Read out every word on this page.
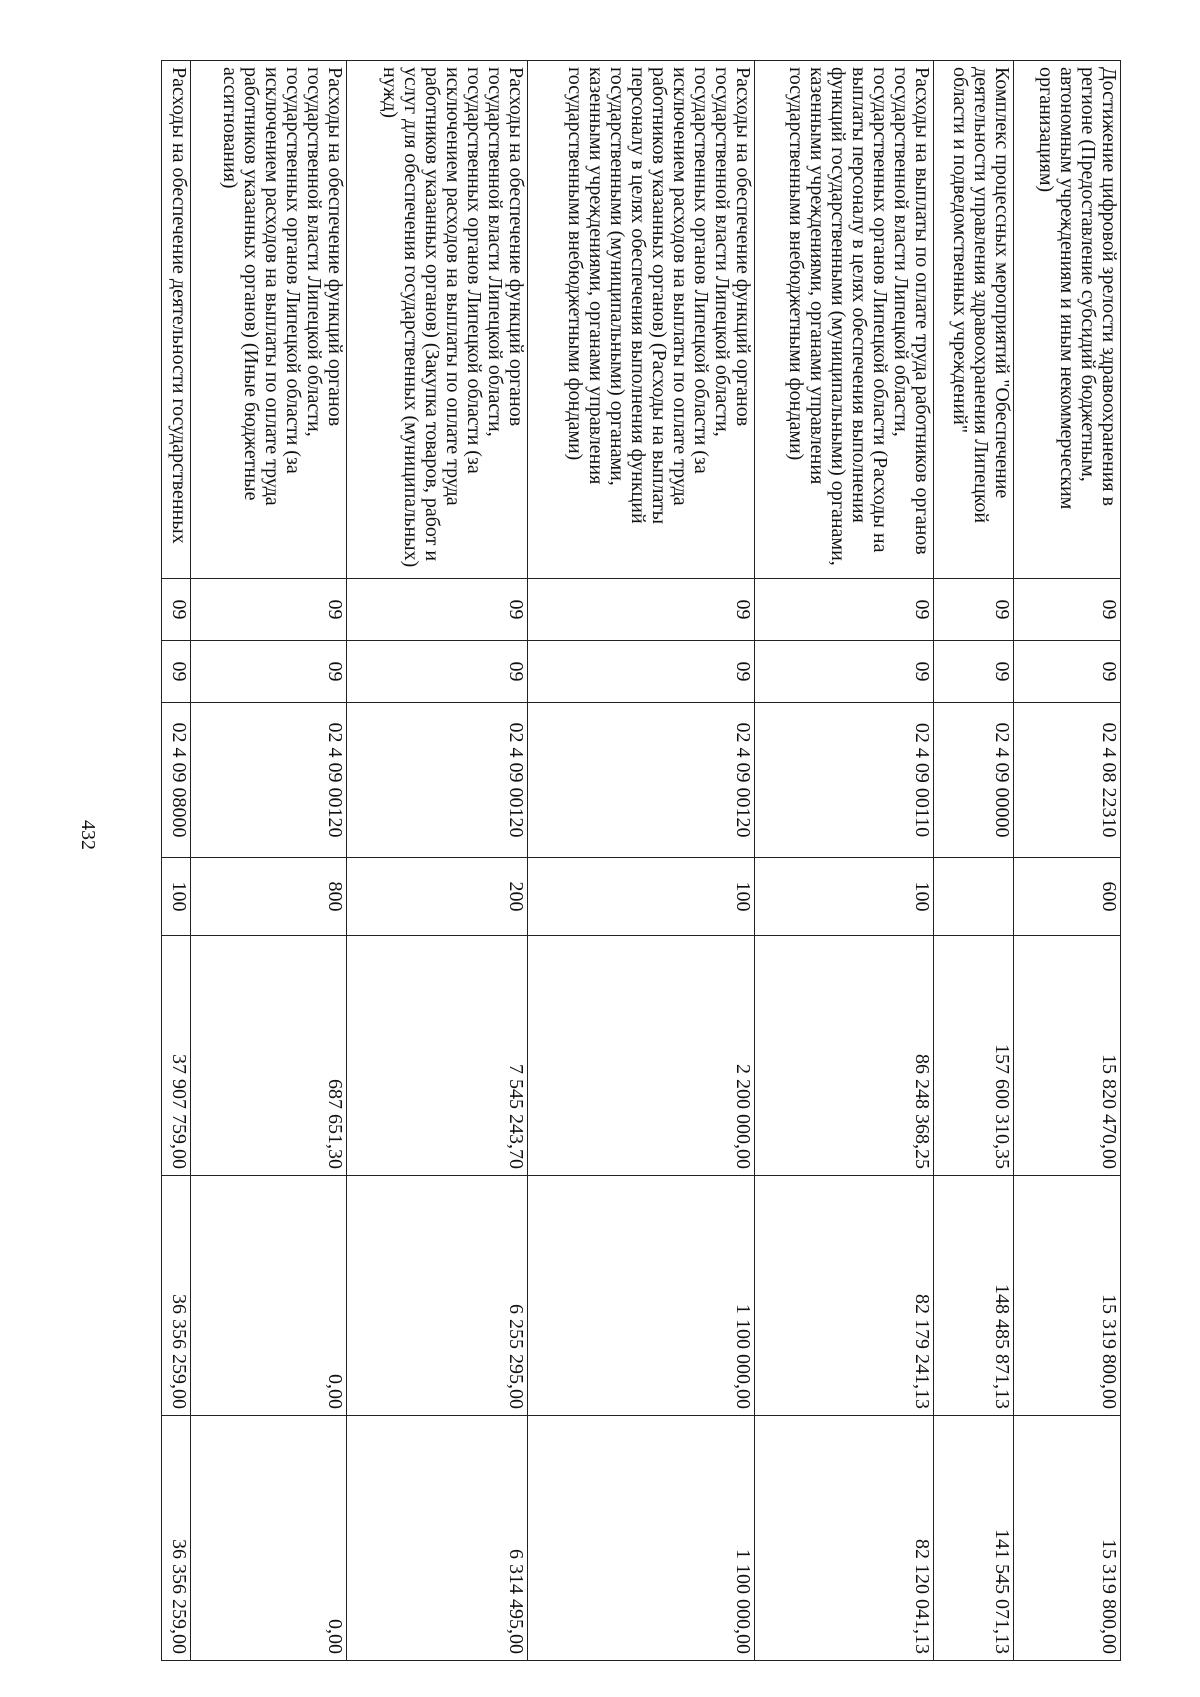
432
Достижение цифровой зрелости здравоохранения в регионе (Предоставление субсидий бюджетным, автономным учреждениям и иным некоммерческим организациям)	09	09	02 4 08 22310	600	15 820 470,00	15 319 800,00	15 319 800,00
Комплекс процессных мероприятий "Обеспечение деятельности управления здравоохранения Липецкой области и подведомственных учреждений"	09	09	02 4 09 00000		157 600 310,35	148 485 871,13	141 545 071,13
Расходы на выплаты по оплате труда работников органов государственной власти Липецкой области, государственных органов Липецкой области (Расходы на выплаты персоналу в целях обеспечения выполнения функций государственными (муниципальными) органами, казенными учреждениями, органами управления государственными внебюджетными фондами)	09	09	02 4 09 00110	100	86 248 368,25	82 179 241,13	82 120 041,13
Расходы на обеспечение функций органов государственной власти Липецкой области, государственных органов Липецкой области (за исключением расходов на выплаты по оплате труда работников указанных органов) (Расходы на выплаты персоналу в целях обеспечения выполнения функций государственными (муниципальными) органами, казенными учреждениями, органами управления государственными внебюджетными фондами)	09	09	02 4 09 00120	100	2 200 000,00	1 100 000,00	1 100 000,00
Расходы на обеспечение функций органов государственной власти Липецкой области, государственных органов Липецкой области (за исключением расходов на выплаты по оплате труда работников указанных органов) (Закупка товаров, работ и услуг для обеспечения государственных (муниципальных) нужд)	09	09	02 4 09 00120	200	7 545 243,70	6 255 295,00	6 314 495,00
Расходы на обеспечение функций органов государственной власти Липецкой области, государственных органов Липецкой области (за исключением расходов на выплаты по оплате труда работников указанных органов) (Иные бюджетные ассигнования)	09	09	02 4 09 00120	800	687 651,30	0,00	0,00
Расходы на обеспечение деятельности государственных	09	09	02 4 09 08000	100	37 907 759,00	36 356 259,00	36 356 259,00
